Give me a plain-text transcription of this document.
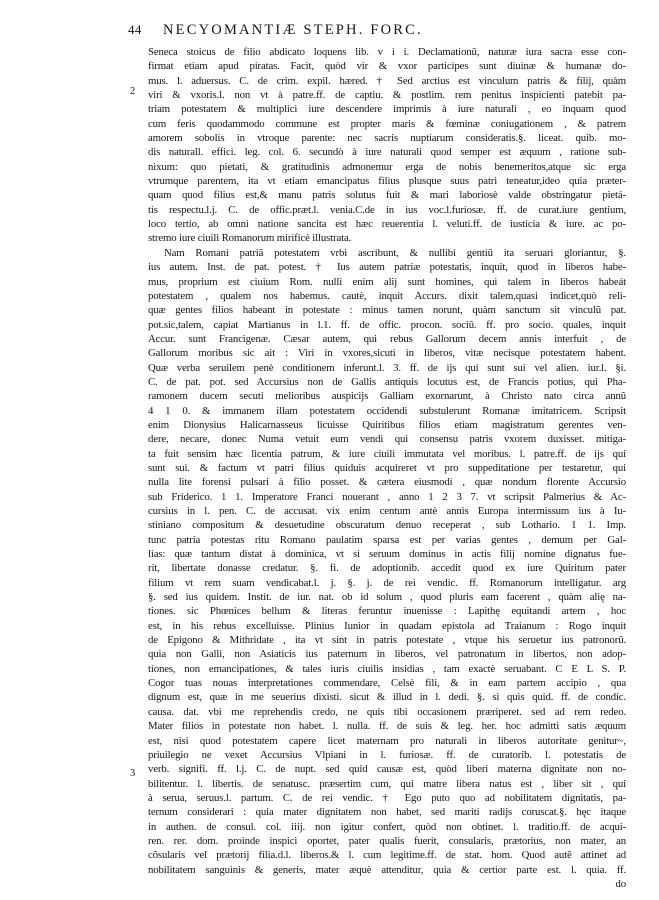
44 NECYOMANTIÆ STEPH. FORC.
2
3
Seneca stoicus de filio abdicato loquens lib. v i i. Declamationũ, naturæ iura sacra esse con-
firmat etiam apud piratas. Facit, quòd vir & vxor participes sunt diuinæ & humanæ do-
mus. l. aduersus. C. de crim. expil. hæred. † Sed arctius est vinculum patris & filij, quàm
viri & vxoris.l. non vt à patre.ff. de captiu. & postlim. rem penitus inspicienti patebit pa-
triam potestatem & multiplici iure descendere imprimis à iure naturali , eo inquam quod
cum feris quodammodo commune est propter maris & fœminæ coniugationem , & patrem
amorem sobolis in vtroque parente: nec sacris nuptiarum consideratis.§. liceat. quib. mo-
dis naturall. effici. leg. col. 6. secundò à iure naturali quod semper est æquum , ratione sub-
nixum: quo pietati, & gratitudinis admonemur erga de nobis benemeritos,atque sic erga
vtrumque parentem, ita vt etiam emancipatus filius plusque suus patri teneatur,ideo quia præter-
quam quod filius est,& manu patris solutus fuit & mari laboriosè valde obstringatur pietá-
tis respectu.l.j. C. de offic.præt.l. venia.C.de in ius voc.l.furiosæ. ff. de curat.iure gentium,
loco tertio, ab omni natione sancita est hæc reuerentia l. veluti.ff. de iusticia & iure. ac po-
stremo iure ciuili Romanorum mirificè illustrata.
Nam Romani patriã potestatem vrbi ascribunt, & nullibi gentiũ ita seruari gloriantur, §.
ius autem. Inst. de pat. potest. † Ius autem patriæ potestatis, inquit, quod in liberos habe-
mus, proprium est ciuium Rom. nulli enim alij sunt homines, qui talem in liberos habeát
potestatem , qualem nos habemus. cautè, inquit Accurs. dixit talem,quasi indicet,quò reli-
quæ gentes filios habeant in potestate : minus tamen norunt, quàm sanctum sit vinculũ pat.
pot.sic,talem, capiat Martianus in l.1. ff. de offic. procon. sociũ. ff. pro socio. quales, inquit
Accur. sunt Francigenæ. Cæsar autem, qui rebus Gallorum decem annis interfuit , de
Gallorum moribus sic ait : Viri in vxores,sicuti in liberos, vitæ necisque potestatem habent.
Quæ verba seruilem penè conditionem inferunt.l. 3. ff. de ijs qui sunt sui vel alien. iur.l. §i.
C. de pat. pot. sed Accursius non de Gallis antiquis locutus est, de Francis potius, qui Pha-
ramonem ducem secuti melioribus auspicijs Galliam exornarunt, à Christo nato circa annũ
4 1 0. & immanem illam potestatem occidendi substulerunt Romanæ imitatricem. Scripsit
enim Dionysius Halicarnasseus licuisse Quiritibus filios etiam magistratum gerentes ven-
dere, necare, donec Numa vetuit eum vendi qui consensu patris vxorem duxisset. mitiga-
ta fuit sensim hæc licentia patrum, & iure ciuili immutata vel moribus. l. patre.ff. de ijs qui
sunt sui. & factum vt patri filius quiduis acquireret vt pro suppeditatione per testaretur, qui
nulla lite forensi pulsari à filio posset. & cætera eiusmodi , quæ nondum florente Accursio
sub Friderico. 1 1. Imperatore Franci nouerant , anno 1 2 3 7. vt scripsit Palmerius & Ac-
cursius in l. pen. C. de accusat. vix enim centum antè annis Europa intermissum ius à Iu-
stiniano compositum & desuetudine obscuratum denuo receperat , sub Lothario. 1 1. Imp.
tunc patria potestas ritu Romano paulatim sparsa est per varias gentes , demum per Gal-
lias: quæ tantum distat à dominica, vt si seruum dominus in actis filij nomine dignatus fue-
rit, libertate donasse credatur. §. fi. de adoptionib. accedit quod ex iure Quiritum pater
filium vt rem suam vendicabat.l. j. §. j. de rei vendic. ff. Romanorum intelligatur. arg
§. sed ius quidem. Instit. de iur. nat. ob id solum , quod pluris eam facerent , quàm alię na-
tiones. sic Phœnices bellum & literas feruntur inuenisse : Lapithę equitandi artem , hoc
est, in his rebus excelluisse. Plinius Iunior in quadam epistola ad Traianum : Rogo inquit
de Epigono & Mithridate , ita vt sint in patris potestate , vtque his seruetur ius patronorũ.
quia non Galli, non Asiaticis ius paternum in liberos, vel patronatum in libertos, non adop-
tiones, non emancipationes, & tales iuris ciuilis insidias , tam exactè seruabant. C E L S. P.
Cogor tuas nouas interpretationes commendare, Celsè fili, & in eam partem accipio , qua
dignum est, quæ in me seuerius dixisti. sicut & illud in l. dedi. §. si quis quid. ff. de condic.
causa. dat. vbi me reprehendis credo, ne quis tibi occasionem præriperet. sed ad rem redeo.
Mater filios in potestate non habet. l. nulla. ff. de suis & leg. her. hoc admitti satis æquum
est, nisi quod potestatem capere licet maternam pro naturali in liberos autoritate genitur~,
priuilegio ne vexet Accursius Vlpiani in l. furiosæ. ff. de curatorib. l. potestatis de
verb. signifi. ff. l.j. C. de nupt. sed quid causæ est, quòd liberi materna dignitate non no-
bilitentur. l. libertis. de senatusc. præsertim cum, qui matre libera natus est , liber sit , qui
à serua, seruus.l. partum. C. de rei vendic. † Ego puto quo ad nobilitatem dignitatis, pa-
ternum considerari : quia mater dignitatem non habet, sed mariti radijs coruscat.§. hęc itaque
in authen. de consul. col. iiij. non igitur confert, quòd non obtinet. l. traditio.ff. de acqui-
ren. rer. dom. proinde inspici oportet, pater qualis fuerit, consularis, prætorius, non mater, an
cõsularis vel prætorij filia.d.l. liberos.& l. cum legitime.ff. de stat. hom. Quod autẽ attinet ad
nobilitatem sanguinis & generis, mater æquè attenditur, quia & certior parte est. l. quia. ff.
do
